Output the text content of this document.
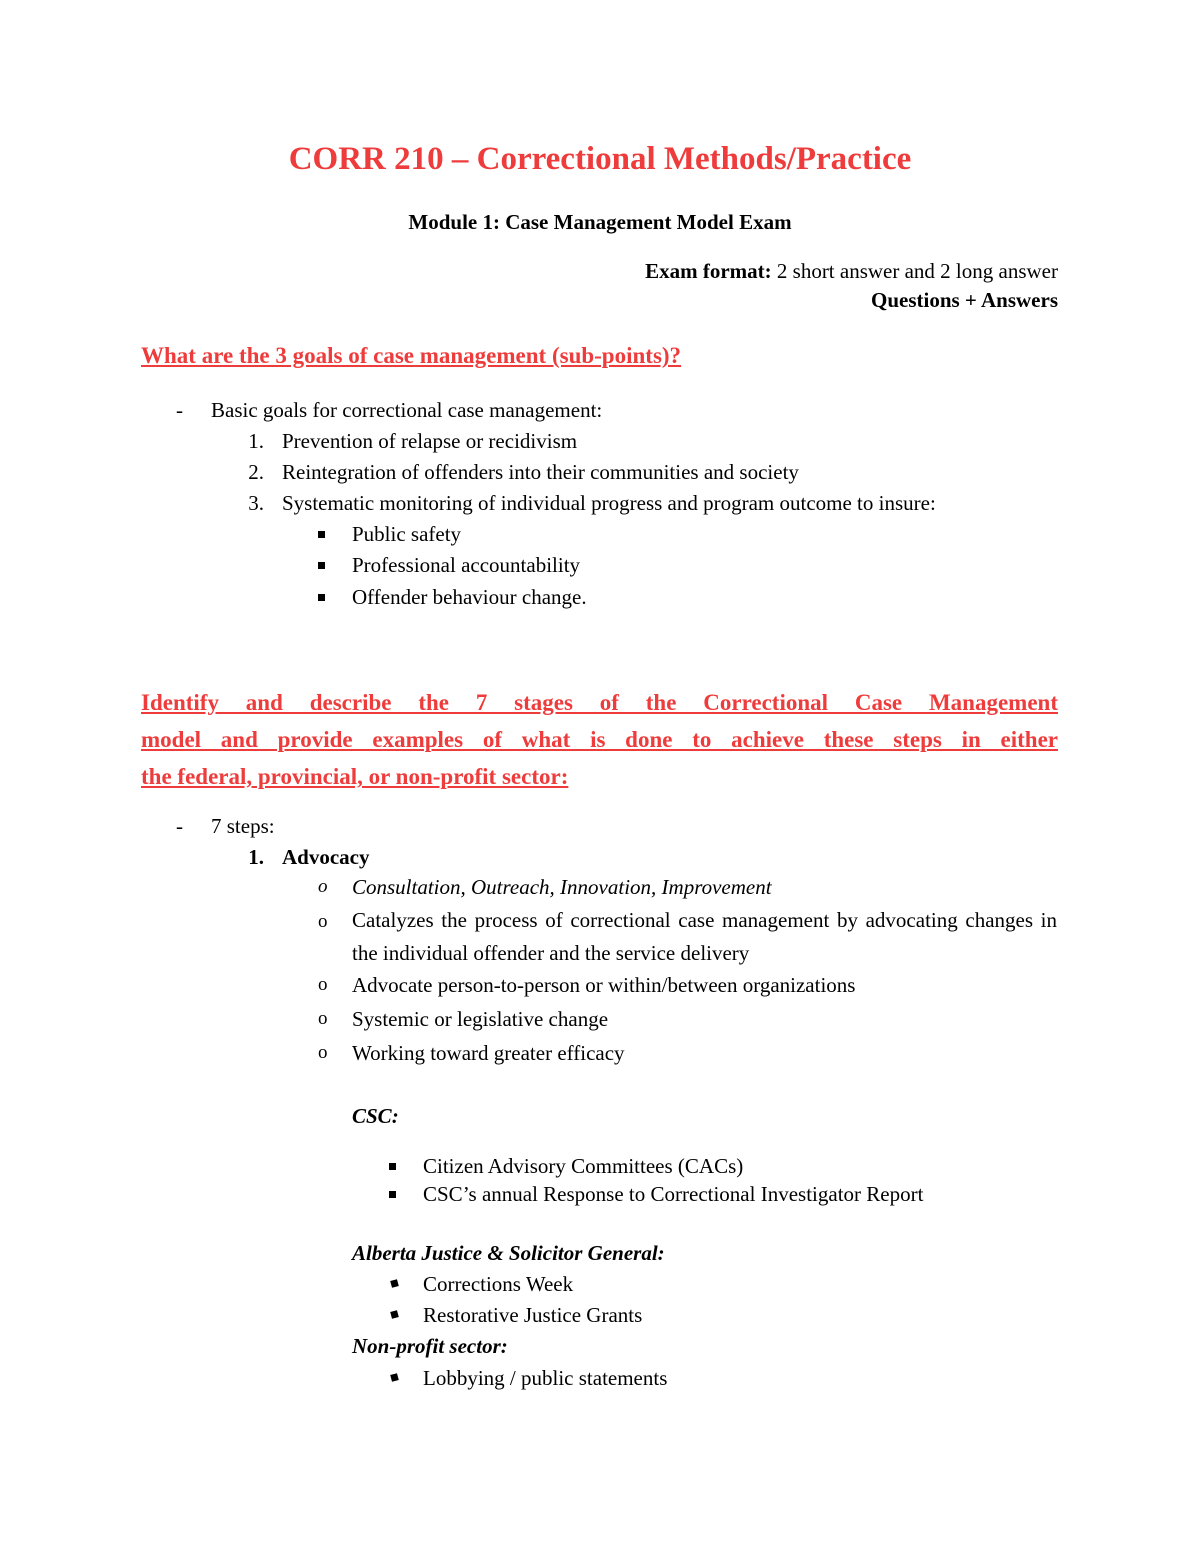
CORR 210 – Correctional Methods/Practice
Module 1: Case Management Model Exam
Exam format: 2 short answer and 2 long answer
Questions + Answers
What are the 3 goals of case management (sub-points)?
- Basic goals for correctional case management:
1. Prevention of relapse or recidivism
2. Reintegration of offenders into their communities and society
3. Systematic monitoring of individual progress and program outcome to insure:
Public safety
Professional accountability
Offender behaviour change.
Identify and describe the 7 stages of the Correctional Case Management
model and provide examples of what is done to achieve these steps in either
the federal, provincial, or non-profit sector:
- 7 steps:
1. Advocacy
o Consultation, Outreach, Innovation, Improvement
o Catalyzes the process of correctional case management by advocating changes in the individual offender and the service delivery
o Advocate person-to-person or within/between organizations
o Systemic or legislative change
o Working toward greater efficacy
CSC:
Citizen Advisory Committees (CACs)
CSC’s annual Response to Correctional Investigator Report
Alberta Justice & Solicitor General:
Corrections Week
Restorative Justice Grants
Non-profit sector:
Lobbying / public statements
